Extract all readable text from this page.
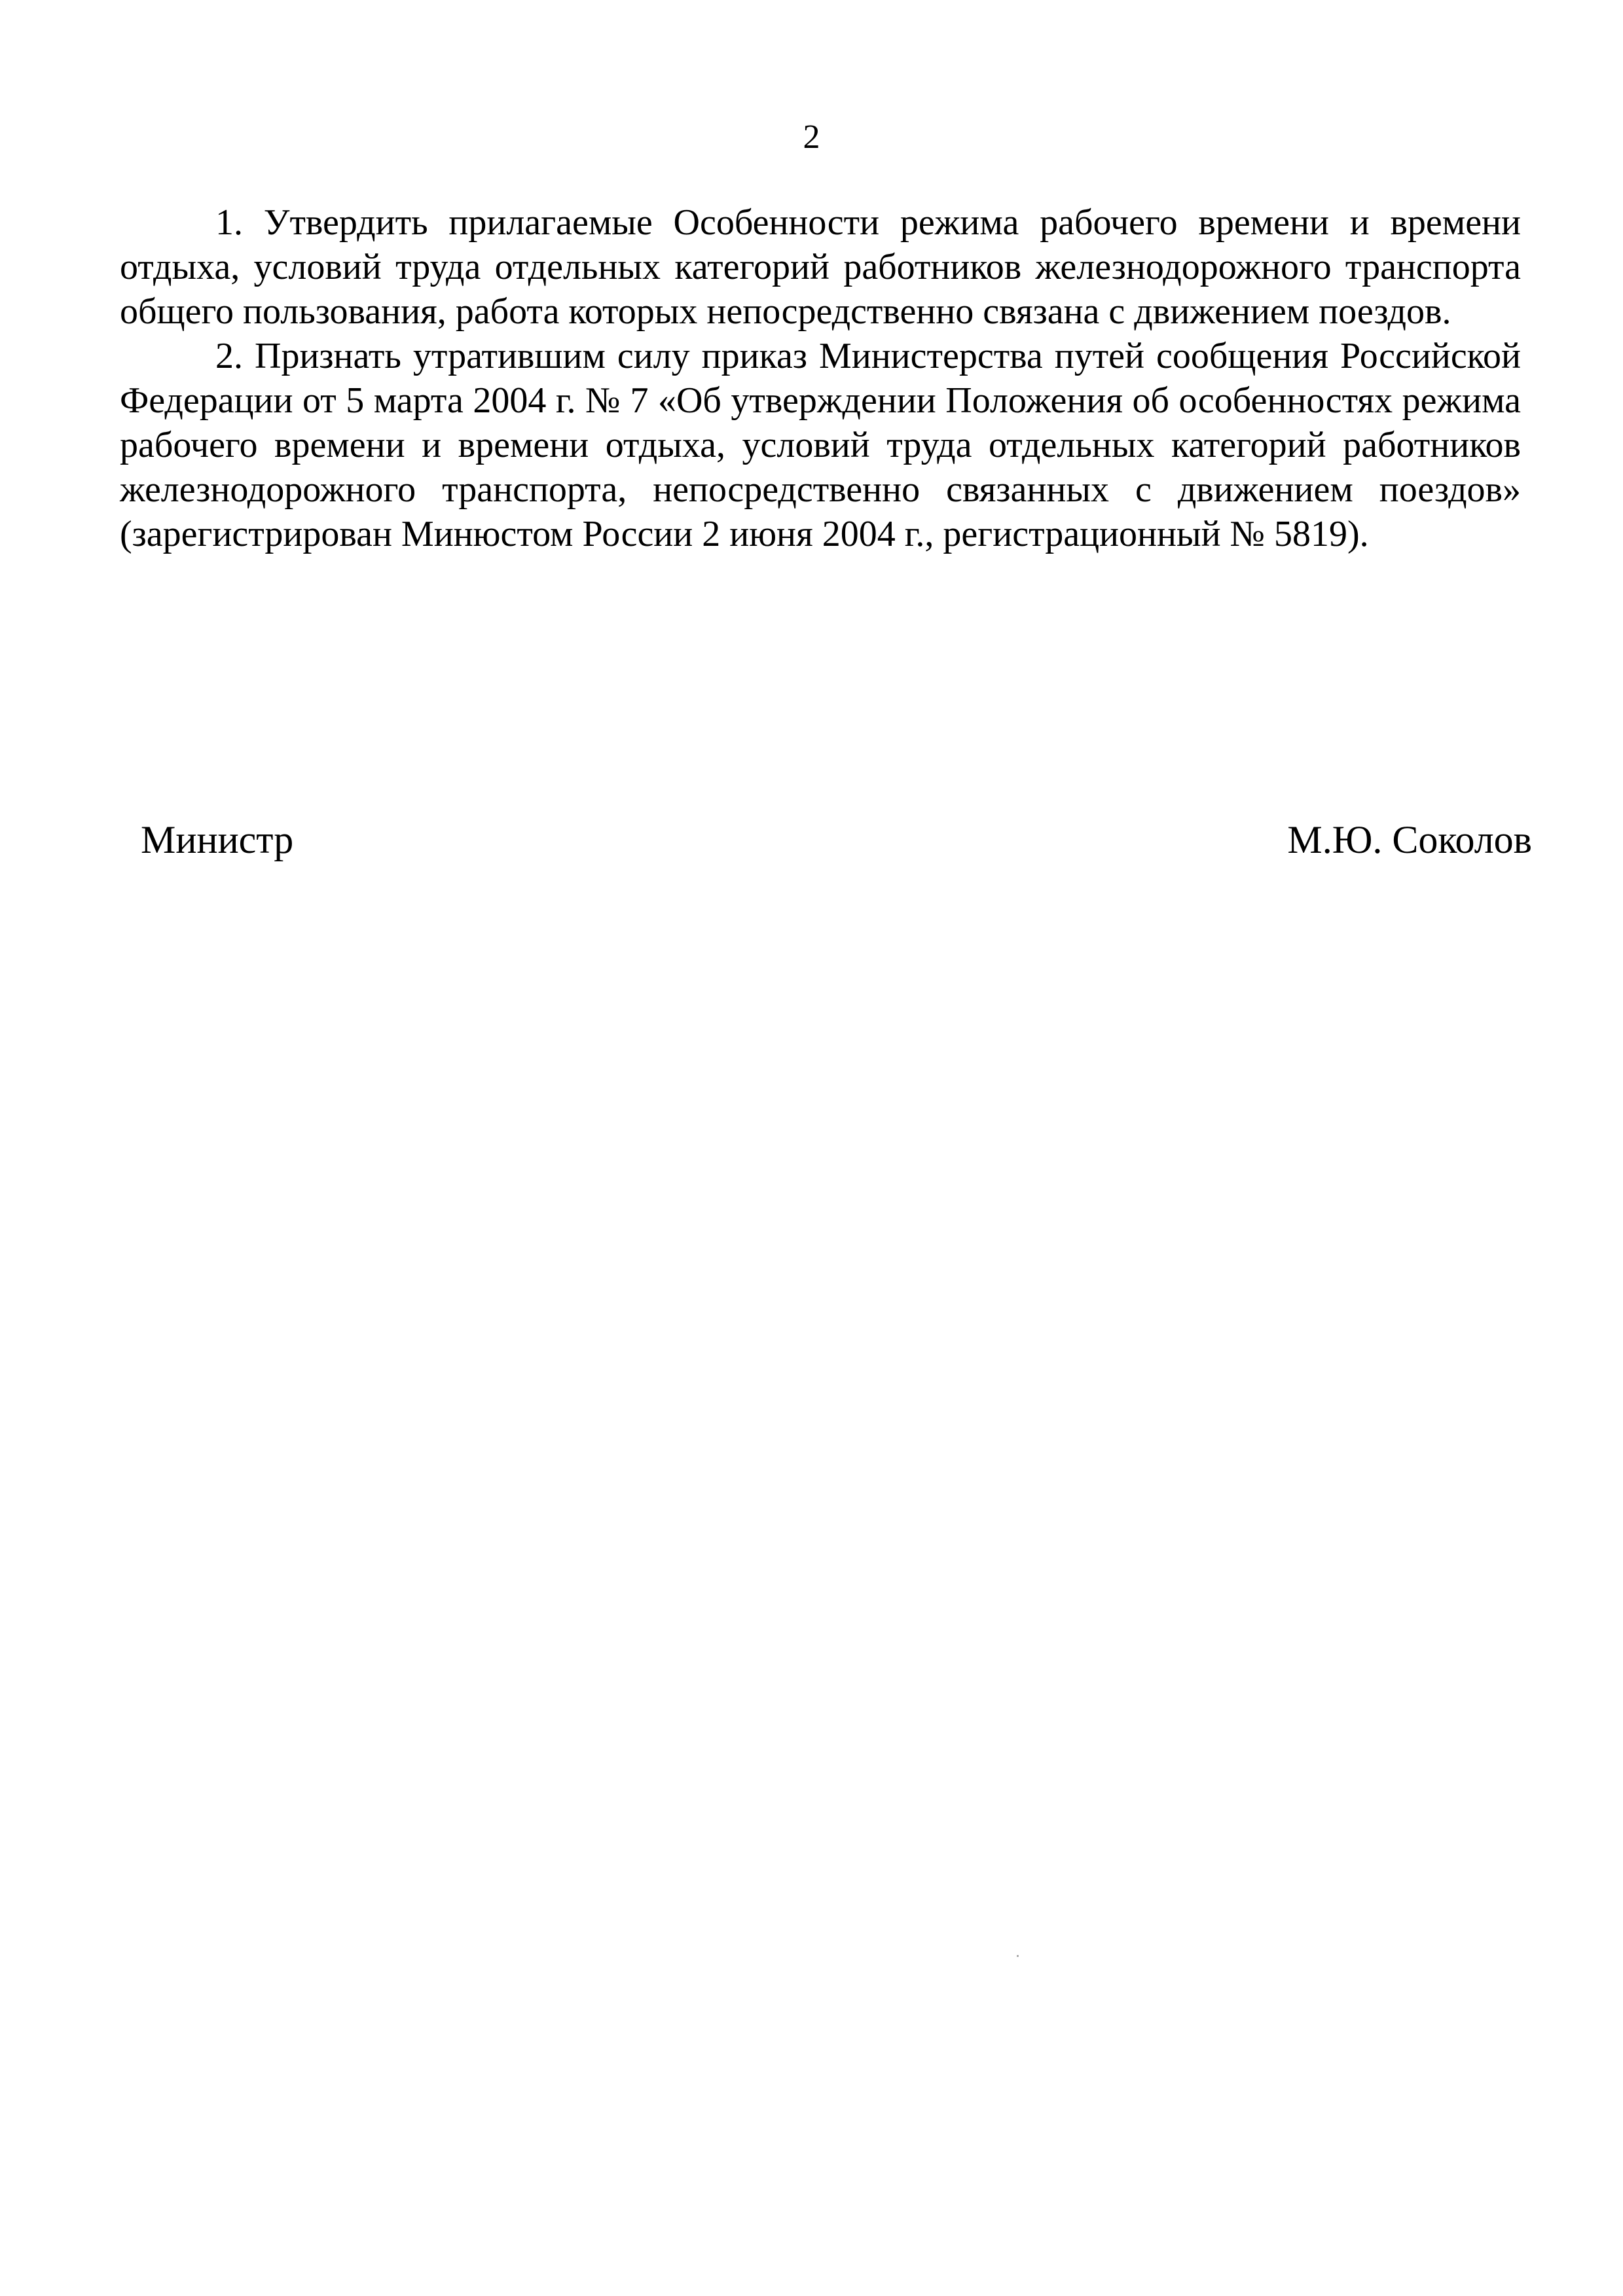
2

1. Утвердить прилагаемые Особенности режима рабочего времени и времени отдыха, условий труда отдельных категорий работников железнодорожного транспорта общего пользования, работа которых непосредственно связана с движением поездов.

2. Признать утратившим силу приказ Министерства путей сообщения Российской Федерации от 5 марта 2004 г. № 7 «Об утверждении Положения об особенностях режима рабочего времени и времени отдыха, условий труда отдельных категорий работников железнодорожного транспорта, непосредственно связанных с движением поездов» (зарегистрирован Минюстом России 2 июня 2004 г., регистрационный № 5819).

Министр	М.Ю. Соколов
